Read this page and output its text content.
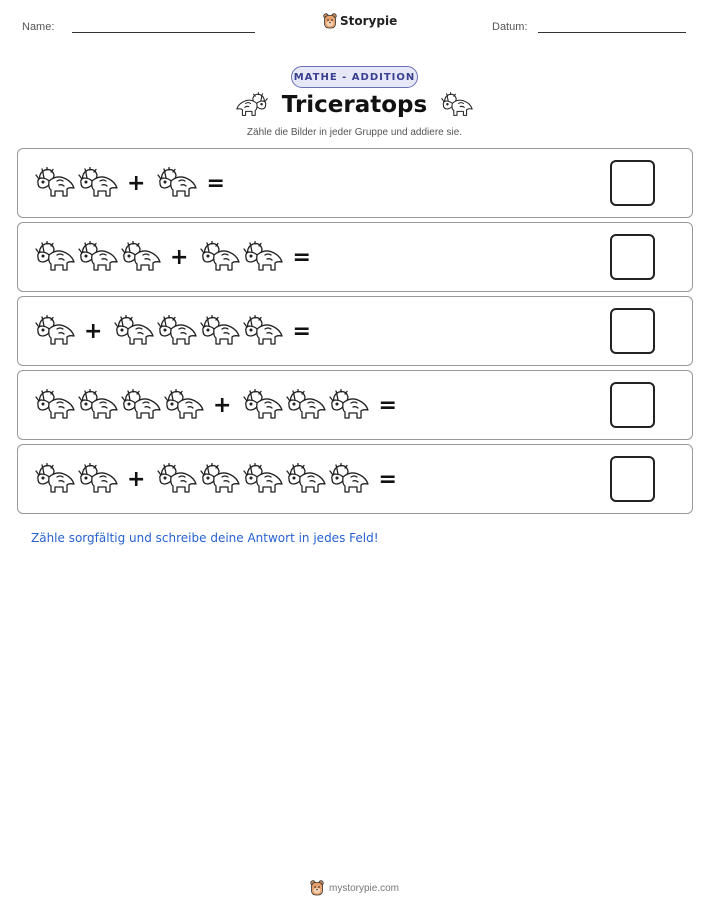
Name:	Storypie	Datum:
MATHE - ADDITION
Triceratops
Zähle die Bilder in jeder Gruppe und addiere sie.
+	=
+	=
+	=
+	=
+	=
Zähle sorgfältig und schreibe deine Antwort in jedes Feld!
mystorypie.com
